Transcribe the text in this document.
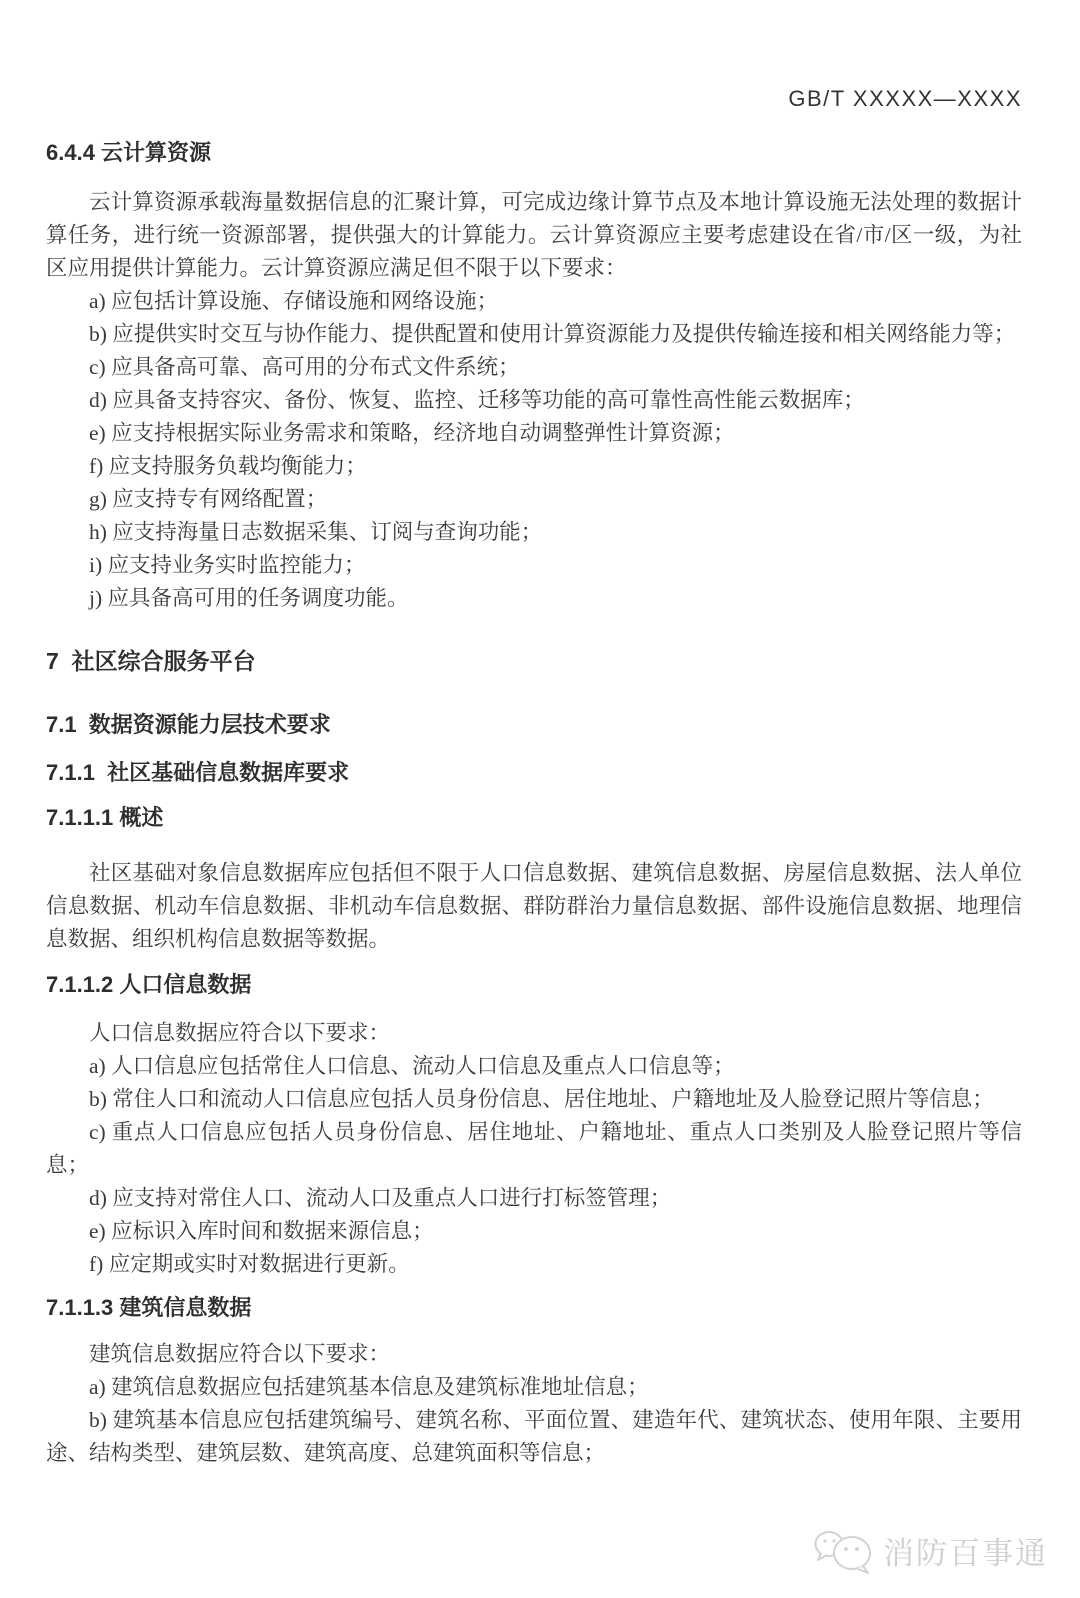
GB/T XXXXX—XXXX
6.4.4 云计算资源

云计算资源承载海量数据信息的汇聚计算，可完成边缘计算节点及本地计算设施无法处理的数据计算任务，进行统一资源部署，提供强大的计算能力。云计算资源应主要考虑建设在省/市/区一级，为社区应用提供计算能力。云计算资源应满足但不限于以下要求：

a) 应包括计算设施、存储设施和网络设施；

b) 应提供实时交互与协作能力、提供配置和使用计算资源能力及提供传输连接和相关网络能力等；

c) 应具备高可靠、高可用的分布式文件系统；

d) 应具备支持容灾、备份、恢复、监控、迁移等功能的高可靠性高性能云数据库；

e) 应支持根据实际业务需求和策略，经济地自动调整弹性计算资源；

f) 应支持服务负载均衡能力；

g) 应支持专有网络配置；

h) 应支持海量日志数据采集、订阅与查询功能；

i) 应支持业务实时监控能力；

j) 应具备高可用的任务调度功能。

7  社区综合服务平台
7.1  数据资源能力层技术要求
7.1.1  社区基础信息数据库要求
7.1.1.1 概述

社区基础对象信息数据库应包括但不限于人口信息数据、建筑信息数据、房屋信息数据、法人单位信息数据、机动车信息数据、非机动车信息数据、群防群治力量信息数据、部件设施信息数据、地理信息数据、组织机构信息数据等数据。

7.1.1.2 人口信息数据

人口信息数据应符合以下要求：

a) 人口信息应包括常住人口信息、流动人口信息及重点人口信息等；

b) 常住人口和流动人口信息应包括人员身份信息、居住地址、户籍地址及人脸登记照片等信息；

c) 重点人口信息应包括人员身份信息、居住地址、户籍地址、重点人口类别及人脸登记照片等信息；

d) 应支持对常住人口、流动人口及重点人口进行打标签管理；

e) 应标识入库时间和数据来源信息；

f) 应定期或实时对数据进行更新。

7.1.1.3 建筑信息数据

建筑信息数据应符合以下要求：

a) 建筑信息数据应包括建筑基本信息及建筑标准地址信息；

b) 建筑基本信息应包括建筑编号、建筑名称、平面位置、建造年代、建筑状态、使用年限、主要用途、结构类型、建筑层数、建筑高度、总建筑面积等信息；

消防百事通
